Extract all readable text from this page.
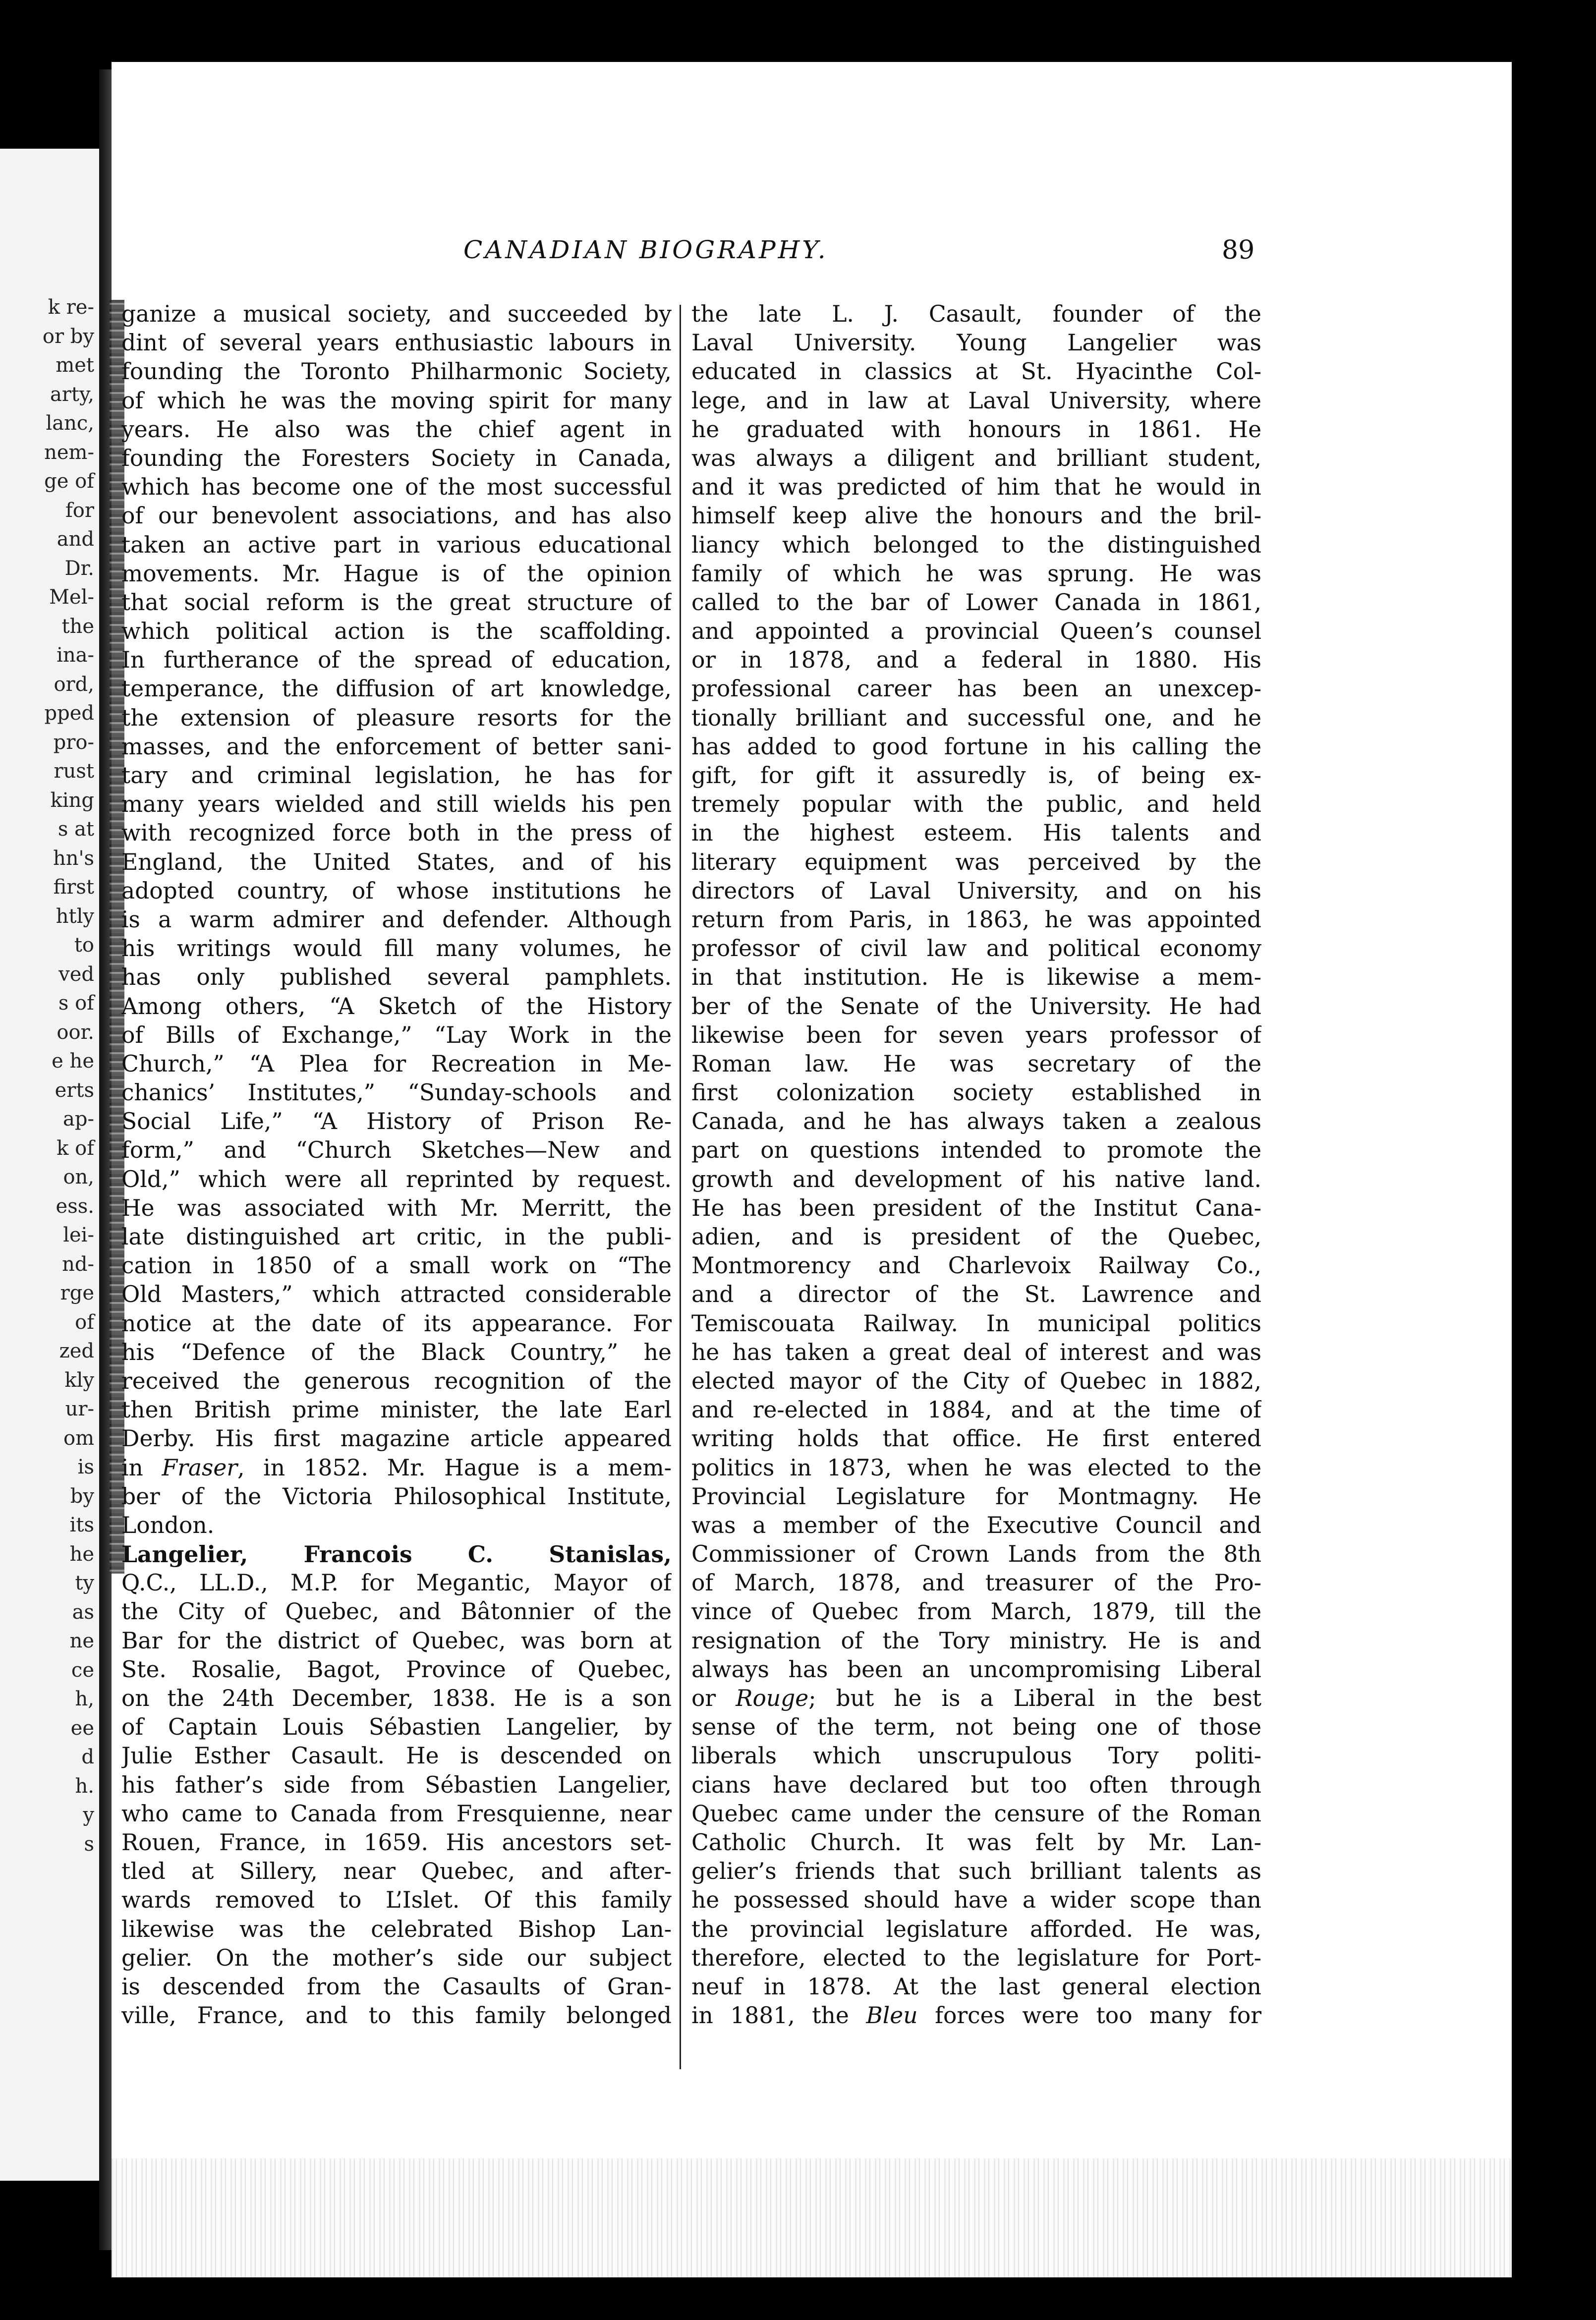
k re-
or by
met
arty,
lanc,
nem-
ge of
for
and
Dr.
Mel-
the
ina-
ord,
pped
pro-
rust
king
s at
hn's
first
htly
to
ved
s of
oor.
e he
erts
ap-
k of
on,
ess.
lei-
nd-
rge
of
zed
kly
ur-
om
is
by
its
he
ty
as
ne
ce
h,
ee
d
h.
y
s
CANADIAN BIOGRAPHY.	89
ganize a musical society, and succeeded by
dint of several years enthusiastic labours in
founding the Toronto Philharmonic Society,
of which he was the moving spirit for many
years. He also was the chief agent in
founding the Foresters Society in Canada,
which has become one of the most successful
of our benevolent associations, and has also
taken an active part in various educational
movements. Mr. Hague is of the opinion
that social reform is the great structure of
which political action is the scaffolding.
In furtherance of the spread of education,
temperance, the diffusion of art knowledge,
the extension of pleasure resorts for the
masses, and the enforcement of better sani-
tary and criminal legislation, he has for
many years wielded and still wields his pen
with recognized force both in the press of
England, the United States, and of his
adopted country, of whose institutions he
is a warm admirer and defender. Although
his writings would fill many volumes, he
has only published several pamphlets.
Among others, “A Sketch of the History
of Bills of Exchange,” “Lay Work in the
Church,” “A Plea for Recreation in Me-
chanics’ Institutes,” “Sunday-schools and
Social Life,” “A History of Prison Re-
form,” and “Church Sketches—New and
Old,” which were all reprinted by request.
He was associated with Mr. Merritt, the
late distinguished art critic, in the publi-
cation in 1850 of a small work on “The
Old Masters,” which attracted considerable
notice at the date of its appearance. For
his “Defence of the Black Country,” he
received the generous recognition of the
then British prime minister, the late Earl
Derby. His first magazine article appeared
in Fraser, in 1852. Mr. Hague is a mem-
ber of the Victoria Philosophical Institute,
London.
Langelier, Francois C. Stanislas,
Q.C., LL.D., M.P. for Megantic, Mayor of
the City of Quebec, and Bâtonnier of the
Bar for the district of Quebec, was born at
Ste. Rosalie, Bagot, Province of Quebec,
on the 24th December, 1838. He is a son
of Captain Louis Sébastien Langelier, by
Julie Esther Casault. He is descended on
his father’s side from Sébastien Langelier,
who came to Canada from Fresquienne, near
Rouen, France, in 1659. His ancestors set-
tled at Sillery, near Quebec, and after-
wards removed to L’Islet. Of this family
likewise was the celebrated Bishop Lan-
gelier. On the mother’s side our subject
is descended from the Casaults of Gran-
ville, France, and to this family belonged
the late L. J. Casault, founder of the
Laval University. Young Langelier was
educated in classics at St. Hyacinthe Col-
lege, and in law at Laval University, where
he graduated with honours in 1861. He
was always a diligent and brilliant student,
and it was predicted of him that he would in
himself keep alive the honours and the bril-
liancy which belonged to the distinguished
family of which he was sprung. He was
called to the bar of Lower Canada in 1861,
and appointed a provincial Queen’s counsel
or in 1878, and a federal in 1880. His
professional career has been an unexcep-
tionally brilliant and successful one, and he
has added to good fortune in his calling the
gift, for gift it assuredly is, of being ex-
tremely popular with the public, and held
in the highest esteem. His talents and
literary equipment was perceived by the
directors of Laval University, and on his
return from Paris, in 1863, he was appointed
professor of civil law and political economy
in that institution. He is likewise a mem-
ber of the Senate of the University. He had
likewise been for seven years professor of
Roman law. He was secretary of the
first colonization society established in
Canada, and he has always taken a zealous
part on questions intended to promote the
growth and development of his native land.
He has been president of the Institut Cana-
adien, and is president of the Quebec,
Montmorency and Charlevoix Railway Co.,
and a director of the St. Lawrence and
Temiscouata Railway. In municipal politics
he has taken a great deal of interest and was
elected mayor of the City of Quebec in 1882,
and re-elected in 1884, and at the time of
writing holds that office. He first entered
politics in 1873, when he was elected to the
Provincial Legislature for Montmagny. He
was a member of the Executive Council and
Commissioner of Crown Lands from the 8th
of March, 1878, and treasurer of the Pro-
vince of Quebec from March, 1879, till the
resignation of the Tory ministry. He is and
always has been an uncompromising Liberal
or Rouge; but he is a Liberal in the best
sense of the term, not being one of those
liberals which unscrupulous Tory politi-
cians have declared but too often through
Quebec came under the censure of the Roman
Catholic Church. It was felt by Mr. Lan-
gelier’s friends that such brilliant talents as
he possessed should have a wider scope than
the provincial legislature afforded. He was,
therefore, elected to the legislature for Port-
neuf in 1878. At the last general election
in 1881, the Bleu forces were too many for
